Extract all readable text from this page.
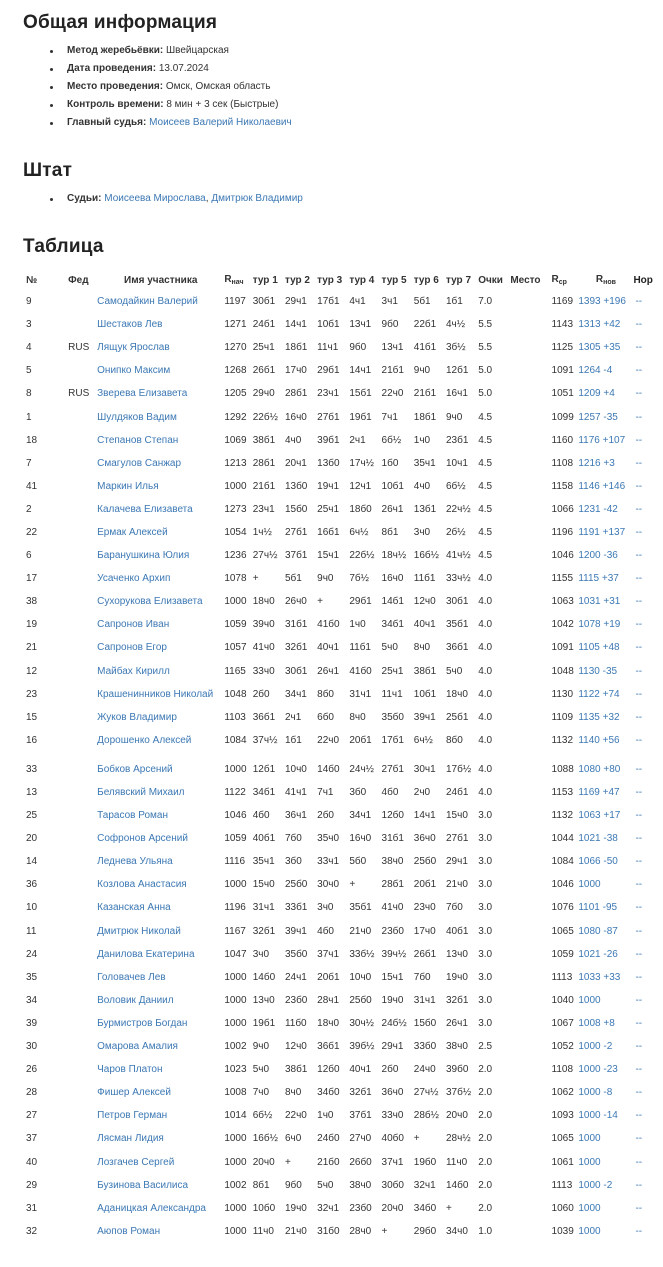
Общая информация
Метод жеребьёвки: Швейцарская
Дата проведения: 13.07.2024
Место проведения: Омск, Омская область
Контроль времени: 8 мин + 3 сек (Быстрые)
Главный судья: Моисеев Валерий Николаевич
Штат
Судьи: Моисеева Мирослава, Дмитрюк Владимир
Таблица
№	Фед	Имя участника	$R_{нач}$	тур 1	тур 2	тур 3	тур 4	тур 5	тур 6	тур 7	Очки	Место	$R_{ср}$	$R_{нов}$	Нор
9		Самодайкин Валерий	1197	30б1	29ч1	17б1	4ч1	3ч1	5б1	1б1	7.0		1169	1393 +196	--
3		Шестаков Лев	1271	24б1	14ч1	10б1	13ч1	9б0	22б1	4ч½	5.5		1143	1313 +42	--
4	RUS	Лящук Ярослав	1270	25ч1	18б1	11ч1	9б0	13ч1	41б1	3б½	5.5		1125	1305 +35	--
5		Онипко Максим	1268	26б1	17ч0	29б1	14ч1	21б1	9ч0	12б1	5.0		1091	1264 -4	--
8	RUS	Зверева Елизавета	1205	29ч0	28б1	23ч1	15б1	22ч0	21б1	16ч1	5.0		1051	1209 +4	--
1		Шулдяков Вадим	1292	22б½	16ч0	27б1	19б1	7ч1	18б1	9ч0	4.5		1099	1257 -35	--
18		Степанов Степан	1069	38б1	4ч0	39б1	2ч1	6б½	1ч0	23б1	4.5		1160	1176 +107	--
7		Смагулов Санжар	1213	28б1	20ч1	13б0	17ч½	1б0	35ч1	10ч1	4.5		1108	1216 +3	--
41		Маркин Илья	1000	21б1	13б0	19ч1	12ч1	10б1	4ч0	6б½	4.5		1158	1146 +146	--
2		Калачева Елизавета	1273	23ч1	15б0	25ч1	18б0	26ч1	13б1	22ч½	4.5		1066	1231 -42	--
22		Ермак Алексей	1054	1ч½	27б1	16б1	6ч½	8б1	3ч0	2б½	4.5		1196	1191 +137	--
6		Баранушкина Юлия	1236	27ч½	37б1	15ч1	22б½	18ч½	16б½	41ч½	4.5		1046	1200 -36	--
17		Усаченко Архип	1078	+	5б1	9ч0	7б½	16ч0	11б1	33ч½	4.0		1155	1115 +37	--
38		Сухорукова Елизавета	1000	18ч0	26ч0	+	29б1	14б1	12ч0	30б1	4.0		1063	1031 +31	--
19		Сапронов Иван	1059	39ч0	31б1	41б0	1ч0	34б1	40ч1	35б1	4.0		1042	1078 +19	--
21		Сапронов Егор	1057	41ч0	32б1	40ч1	11б1	5ч0	8ч0	36б1	4.0		1091	1105 +48	--
12		Майбах Кирилл	1165	33ч0	30б1	26ч1	41б0	25ч1	38б1	5ч0	4.0		1048	1130 -35	--
23		Крашенинников Николай	1048	2б0	34ч1	8б0	31ч1	11ч1	10б1	18ч0	4.0		1130	1122 +74	--
15		Жуков Владимир	1103	36б1	2ч1	6б0	8ч0	35б0	39ч1	25б1	4.0		1109	1135 +32	--
16		Дорошенко Алексей	1084	37ч½	1б1	22ч0	20б1	17б1	6ч½	8б0	4.0		1132	1140 +56	--
33		Бобков Арсений	1000	12б1	10ч0	14б0	24ч½	27б1	30ч1	17б½	4.0		1088	1080 +80	--
13		Белявский Михаил	1122	34б1	41ч1	7ч1	3б0	4б0	2ч0	24б1	4.0		1153	1169 +47	--
25		Тарасов Роман	1046	4б0	36ч1	2б0	34ч1	12б0	14ч1	15ч0	3.0		1132	1063 +17	--
20		Софронов Арсений	1059	40б1	7б0	35ч0	16ч0	31б1	36ч0	27б1	3.0		1044	1021 -38	--
14		Леднева Ульяна	1116	35ч1	3б0	33ч1	5б0	38ч0	25б0	29ч1	3.0		1084	1066 -50	--
36		Козлова Анастасия	1000	15ч0	25б0	30ч0	+	28б1	20б1	21ч0	3.0		1046	1000	--
10		Казанская Анна	1196	31ч1	33б1	3ч0	35б1	41ч0	23ч0	7б0	3.0		1076	1101 -95	--
11		Дмитрюк Николай	1167	32б1	39ч1	4б0	21ч0	23б0	17ч0	40б1	3.0		1065	1080 -87	--
24		Данилова Екатерина	1047	3ч0	35б0	37ч1	33б½	39ч½	26б1	13ч0	3.0		1059	1021 -26	--
35		Головачев Лев	1000	14б0	24ч1	20б1	10ч0	15ч1	7б0	19ч0	3.0		1113	1033 +33	--
34		Воловик Даниил	1000	13ч0	23б0	28ч1	25б0	19ч0	31ч1	32б1	3.0		1040	1000	--
39		Бурмистров Богдан	1000	19б1	11б0	18ч0	30ч½	24б½	15б0	26ч1	3.0		1067	1008 +8	--
30		Омарова Амалия	1002	9ч0	12ч0	36б1	39б½	29ч1	33б0	38ч0	2.5		1052	1000 -2	--
26		Чаров Платон	1023	5ч0	38б1	12б0	40ч1	2б0	24ч0	39б0	2.0		1108	1000 -23	--
28		Фишер Алексей	1008	7ч0	8ч0	34б0	32б1	36ч0	27ч½	37б½	2.0		1062	1000 -8	--
27		Петров Герман	1014	6б½	22ч0	1ч0	37б1	33ч0	28б½	20ч0	2.0		1093	1000 -14	--
37		Лясман Лидия	1000	16б½	6ч0	24б0	27ч0	40б0	+	28ч½	2.0		1065	1000	--
40		Лозгачев Сергей	1000	20ч0	+	21б0	26б0	37ч1	19б0	11ч0	2.0		1061	1000	--
29		Бузинова Василиса	1002	8б1	9б0	5ч0	38ч0	30б0	32ч1	14б0	2.0		1113	1000 -2	--
31		Аданицкая Александра	1000	10б0	19ч0	32ч1	23б0	20ч0	34б0	+	2.0		1060	1000	--
32		Аюпов Роман	1000	11ч0	21ч0	31б0	28ч0	+	29б0	34ч0	1.0		1039	1000	--
